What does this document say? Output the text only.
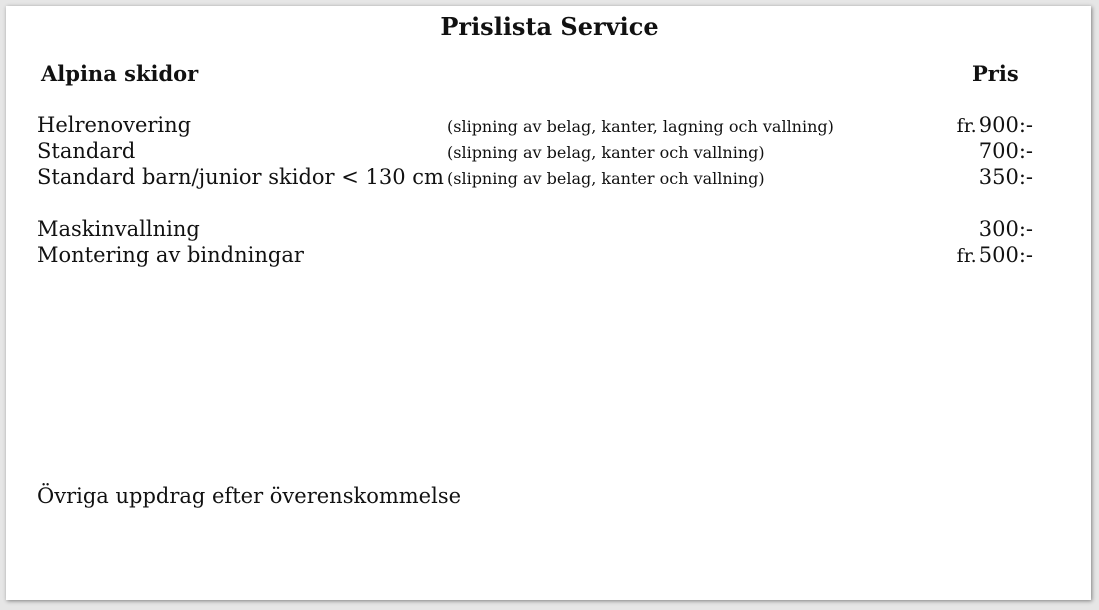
Prislista Service
Alpina skidor	Pris
Helrenovering	(slipning av belag, kanter, lagning och vallning)	fr.900:-
Standard	(slipning av belag, kanter och vallning)	700:-
Standard barn/junior skidor < 130 cm (slipning av belag, kanter och vallning)	350:-
Maskinvallning	300:-
Montering av bindningar	fr.500:-
Övriga uppdrag efter överenskommelse
